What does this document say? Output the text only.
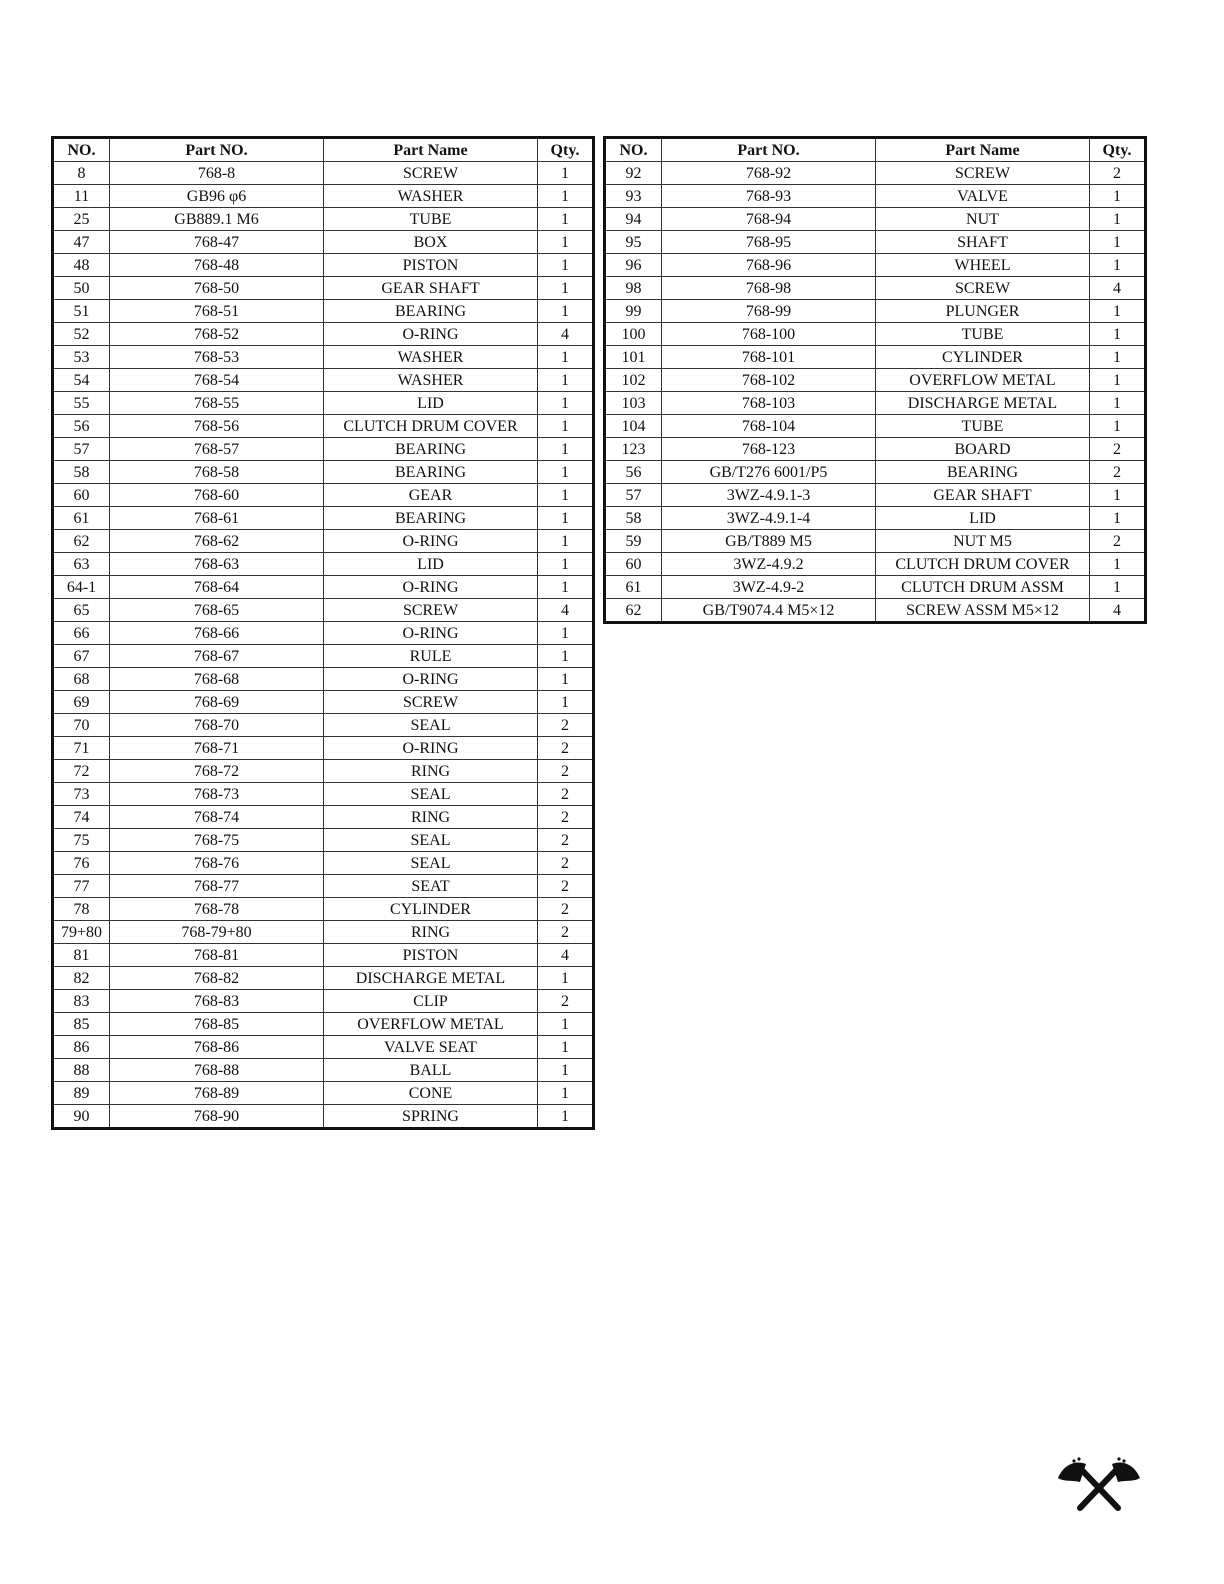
NO.	Part NO.	Part Name	Qty.
8	768-8	SCREW	1
11	GB96 φ6	WASHER	1
25	GB889.1 M6	TUBE	1
47	768-47	BOX	1
48	768-48	PISTON	1
50	768-50	GEAR SHAFT	1
51	768-51	BEARING	1
52	768-52	O-RING	4
53	768-53	WASHER	1
54	768-54	WASHER	1
55	768-55	LID	1
56	768-56	CLUTCH DRUM COVER	1
57	768-57	BEARING	1
58	768-58	BEARING	1
60	768-60	GEAR	1
61	768-61	BEARING	1
62	768-62	O-RING	1
63	768-63	LID	1
64-1	768-64	O-RING	1
65	768-65	SCREW	4
66	768-66	O-RING	1
67	768-67	RULE	1
68	768-68	O-RING	1
69	768-69	SCREW	1
70	768-70	SEAL	2
71	768-71	O-RING	2
72	768-72	RING	2
73	768-73	SEAL	2
74	768-74	RING	2
75	768-75	SEAL	2
76	768-76	SEAL	2
77	768-77	SEAT	2
78	768-78	CYLINDER	2
79+80	768-79+80	RING	2
81	768-81	PISTON	4
82	768-82	DISCHARGE METAL	1
83	768-83	CLIP	2
85	768-85	OVERFLOW METAL	1
86	768-86	VALVE SEAT	1
88	768-88	BALL	1
89	768-89	CONE	1
90	768-90	SPRING	1
NO.	Part NO.	Part Name	Qty.
92	768-92	SCREW	2
93	768-93	VALVE	1
94	768-94	NUT	1
95	768-95	SHAFT	1
96	768-96	WHEEL	1
98	768-98	SCREW	4
99	768-99	PLUNGER	1
100	768-100	TUBE	1
101	768-101	CYLINDER	1
102	768-102	OVERFLOW METAL	1
103	768-103	DISCHARGE METAL	1
104	768-104	TUBE	1
123	768-123	BOARD	2
56	GB/T276 6001/P5	BEARING	2
57	3WZ-4.9.1-3	GEAR SHAFT	1
58	3WZ-4.9.1-4	LID	1
59	GB/T889 M5	NUT M5	2
60	3WZ-4.9.2	CLUTCH DRUM COVER	1
61	3WZ-4.9-2	CLUTCH DRUM ASSM	1
62	GB/T9074.4 M5×12	SCREW ASSM M5×12	4
